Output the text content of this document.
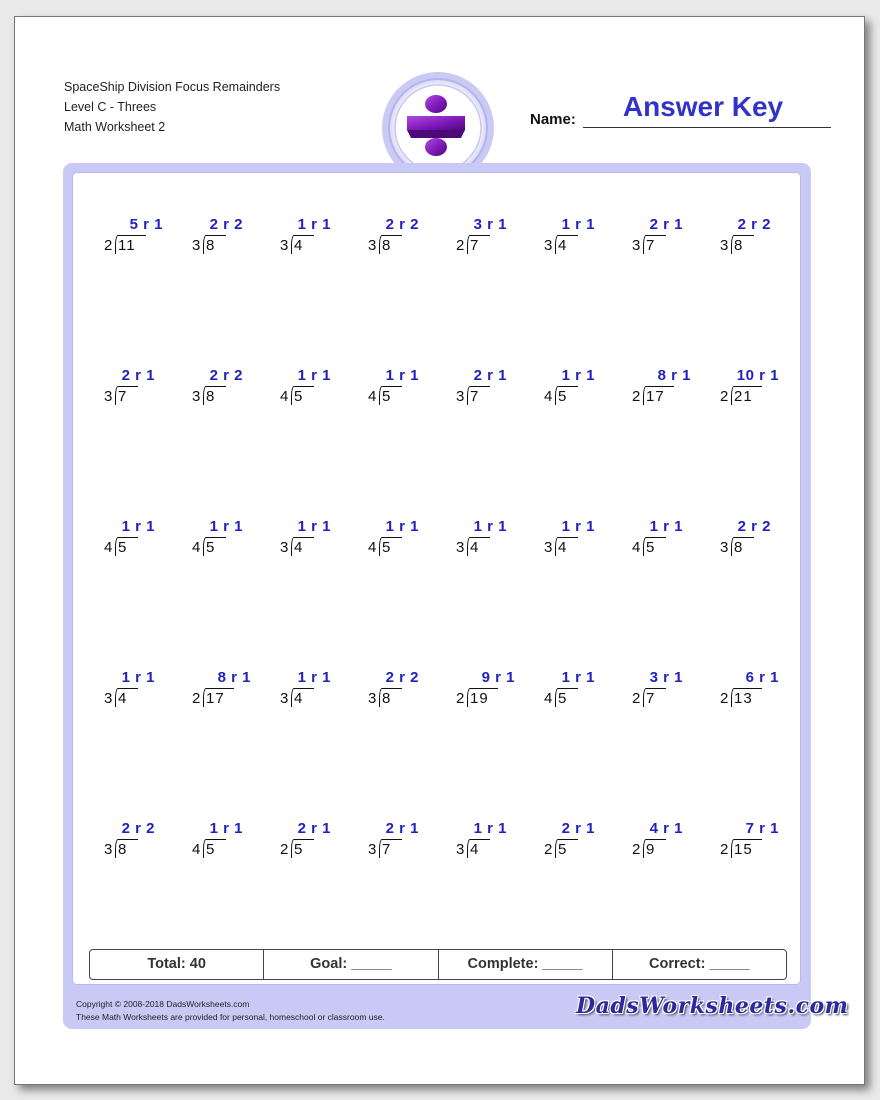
SpaceShip Division Focus Remainders
Level C - Threes
Math Worksheet 2	Name:	Answer Key
5 r 1
2 11
2 r 2
3 8
1 r 1
3 4
2 r 2
3 8
3 r 1
2 7
1 r 1
3 4
2 r 1
3 7
2 r 2
3 8
2 r 1
3 7
2 r 2
3 8
1 r 1
4 5
1 r 1
4 5
2 r 1
3 7
1 r 1
4 5
8 r 1
2 17
10 r 1
2 21
1 r 1
4 5
1 r 1
4 5
1 r 1
3 4
1 r 1
4 5
1 r 1
3 4
1 r 1
3 4
1 r 1
4 5
2 r 2
3 8
1 r 1
3 4
8 r 1
2 17
1 r 1
3 4
2 r 2
3 8
9 r 1
2 19
1 r 1
4 5
3 r 1
2 7
6 r 1
2 13
2 r 2
3 8
1 r 1
4 5
2 r 1
2 5
2 r 1
3 7
1 r 1
3 4
2 r 1
2 5
4 r 1
2 9
7 r 1
2 15
Total: 40	Goal: _____	Complete: _____	Correct: _____
Copyright © 2008-2018 DadsWorksheets.com
These Math Worksheets are provided for personal, homeschool or classroom use.	DadsWorksheets.com
